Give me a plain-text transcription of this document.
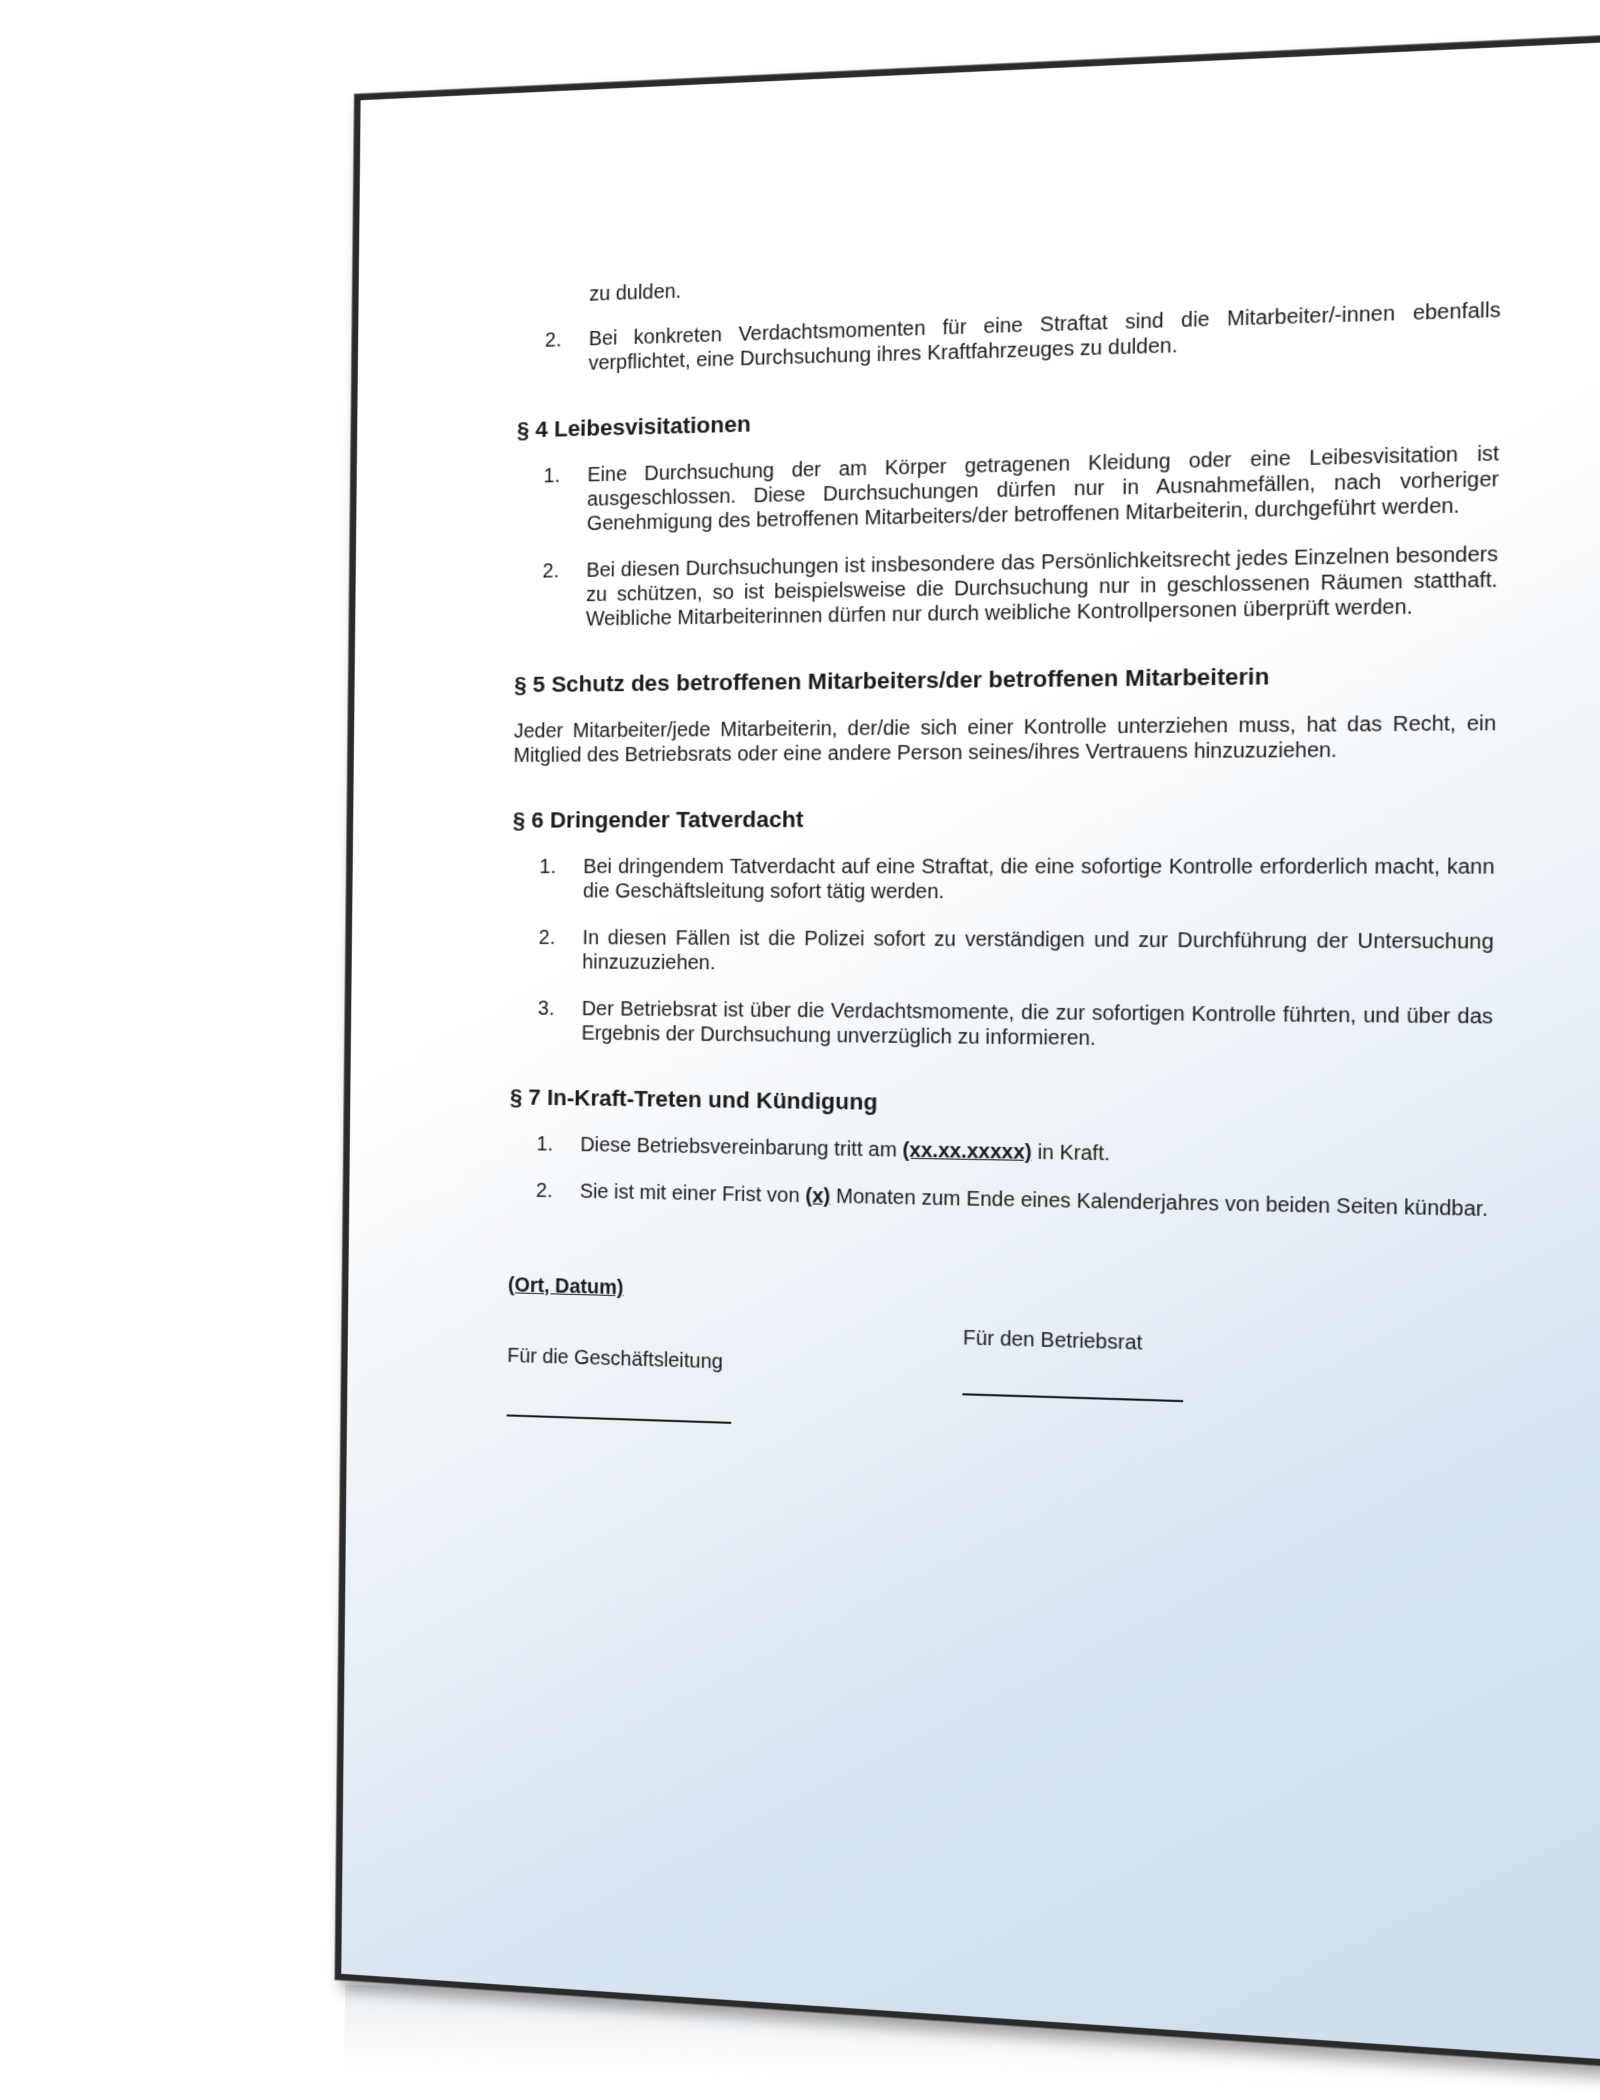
zu dulden.

2.	Bei konkreten Verdachtsmomenten für eine Straftat sind die Mitarbeiter/-innen ebenfalls verpflichtet, eine Durchsuchung ihres Kraftfahrzeuges zu dulden.
§ 4 Leibesvisitationen
1.	Eine Durchsuchung der am Körper getragenen Kleidung oder eine Leibesvisitation ist ausgeschlossen. Diese Durchsuchungen dürfen nur in Ausnahmefällen, nach vorheriger Genehmigung des betroffenen Mitarbeiters/der betroffenen Mitarbeiterin, durchgeführt werden.
2.	Bei diesen Durchsuchungen ist insbesondere das Persönlichkeitsrecht jedes Einzelnen besonders zu schützen, so ist beispielsweise die Durchsuchung nur in geschlossenen Räumen statthaft. Weibliche Mitarbeiterinnen dürfen nur durch weibliche Kontrollpersonen überprüft werden.
§ 5 Schutz des betroffenen Mitarbeiters/der betroffenen Mitarbeiterin

Jeder Mitarbeiter/jede Mitarbeiterin, der/die sich einer Kontrolle unterziehen muss, hat das Recht, ein Mitglied des Betriebsrats oder eine andere Person seines/ihres Vertrauens hinzuzuziehen.

§ 6 Dringender Tatverdacht
1.	Bei dringendem Tatverdacht auf eine Straftat, die eine sofortige Kontrolle erforderlich macht, kann die Geschäftsleitung sofort tätig werden.
2.	In diesen Fällen ist die Polizei sofort zu verständigen und zur Durchführung der Untersuchung hinzuzuziehen.
3.	Der Betriebsrat ist über die Verdachtsmomente, die zur sofortigen Kontrolle führten, und über das Ergebnis der Durchsuchung unverzüglich zu informieren.
§ 7 In-Kraft-Treten und Kündigung
1.	Diese Betriebsvereinbarung tritt am (xx.xx.xxxxx) in Kraft.
2.	Sie ist mit einer Frist von (x) Monaten zum Ende eines Kalenderjahres von beiden Seiten kündbar.
(Ort, Datum)
Für die Geschäftsleitung
Für den Betriebsrat
